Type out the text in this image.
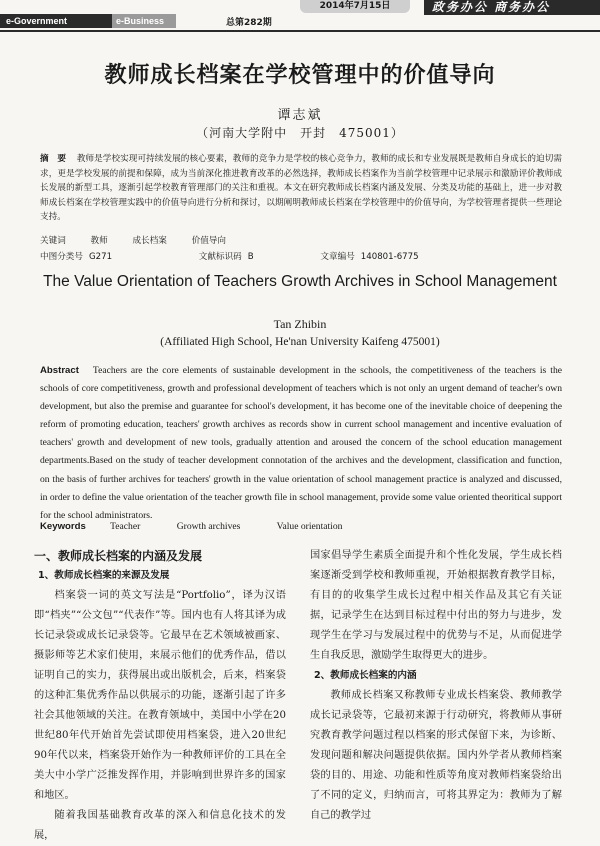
e-Government	e-Business	总第282期
2014年7月15日	政务办公 商务办公
教师成长档案在学校管理中的价值导向
谭志斌
（河南大学附中　开封　475001）
摘　要 教师是学校实现可持续发展的核心要素，教师的竞争力是学校的核心竞争力，教师的成长和专业发展既是教师自身成长的迫切需求，更是学校发展的前提和保障，成为当前深化推进教育改革的必然选择，教师成长档案作为当前学校管理中记录展示和激励评价教师成长发展的新型工具，逐渐引起学校教育管理部门的关注和重视。本文在研究教师成长档案内涵及发展、分类及功能的基础上，进一步对教师成长档案在学校管理实践中的价值导向进行分析和探讨，以期阐明教师成长档案在学校管理中的价值导向，为学校管理者提供一些理论支持。
关键词	教师	成长档案	价值导向
中图分类号 G271	文献标识码 B	文章编号 140801-6775
The Value Orientation of Teachers Growth Archives in School Management
Tan Zhibin
(Affiliated High School, He'nan University Kaifeng 475001)
Abstract Teachers are the core elements of sustainable development in the schools, the competitiveness of the teachers is the schools of core competitiveness, growth and professional development of teachers which is not only an urgent demand of teacher's own development, but also the premise and guarantee for school's development, it has become one of the inevitable choice of deepening the reform of promoting education, teachers' growth archives as records show in current school management and incentive evaluation of teachers' growth and development of new tools, gradually attention and aroused the concern of the school education management departments.Based on the study of teacher development connotation of the archives and the development, classification and function, on the basis of further archives for teachers' growth in the value orientation of school management practice is analyzed and discussed, in order to define the value orientation of the teacher growth file in school management, provide some value oriented theoritical support for the school administrators.
Keywords	Teacher	Growth archives	Value orientation
一、教师成长档案的内涵及发展
1、教师成长档案的来源及发展
档案袋一词的英文写法是“Portfolio”，译为汉语即“档夹”“公文包”“代表作”等。国内也有人将其译为成长记录袋或成长记录袋等。它最早在艺术领域被画家、摄影师等艺术家们使用，来展示他们的优秀作品，借以证明自己的实力，获得展出或出版机会，后来，档案袋的这种汇集优秀作品以供展示的功能，逐渐引起了许多社会其他领域的关注。在教育领域中，美国中小学在20世纪80年代开始首先尝试即使用档案袋，进入20世纪90年代以来，档案袋开始作为一种教师评价的工具在全美大中小学广泛推发挥作用，并影响到世界许多的国家和地区。
随着我国基础教育改革的深入和信息化技术的发展，
国家倡导学生素质全面提升和个性化发展，学生成长档案逐渐受到学校和教师重视，开始根据教育教学目标，有目的的收集学生成长过程中相关作品及其它有关证据，记录学生在达到目标过程中付出的努力与进步，发现学生在学习与发展过程中的优势与不足，从而促进学生自我反思，激励学生取得更大的进步。
2、教师成长档案的内涵
教师成长档案又称教师专业成长档案袋、教师教学成长记录袋等，它最初来源于行动研究，将教师从事研究教育教学问题过程以档案的形式保留下来，为诊断、发现问题和解决问题提供依据。国内外学者从教师档案袋的目的、用途、功能和性质等角度对教师档案袋给出了不同的定义，归纳而言，可将其界定为：教师为了解自己的教学过
